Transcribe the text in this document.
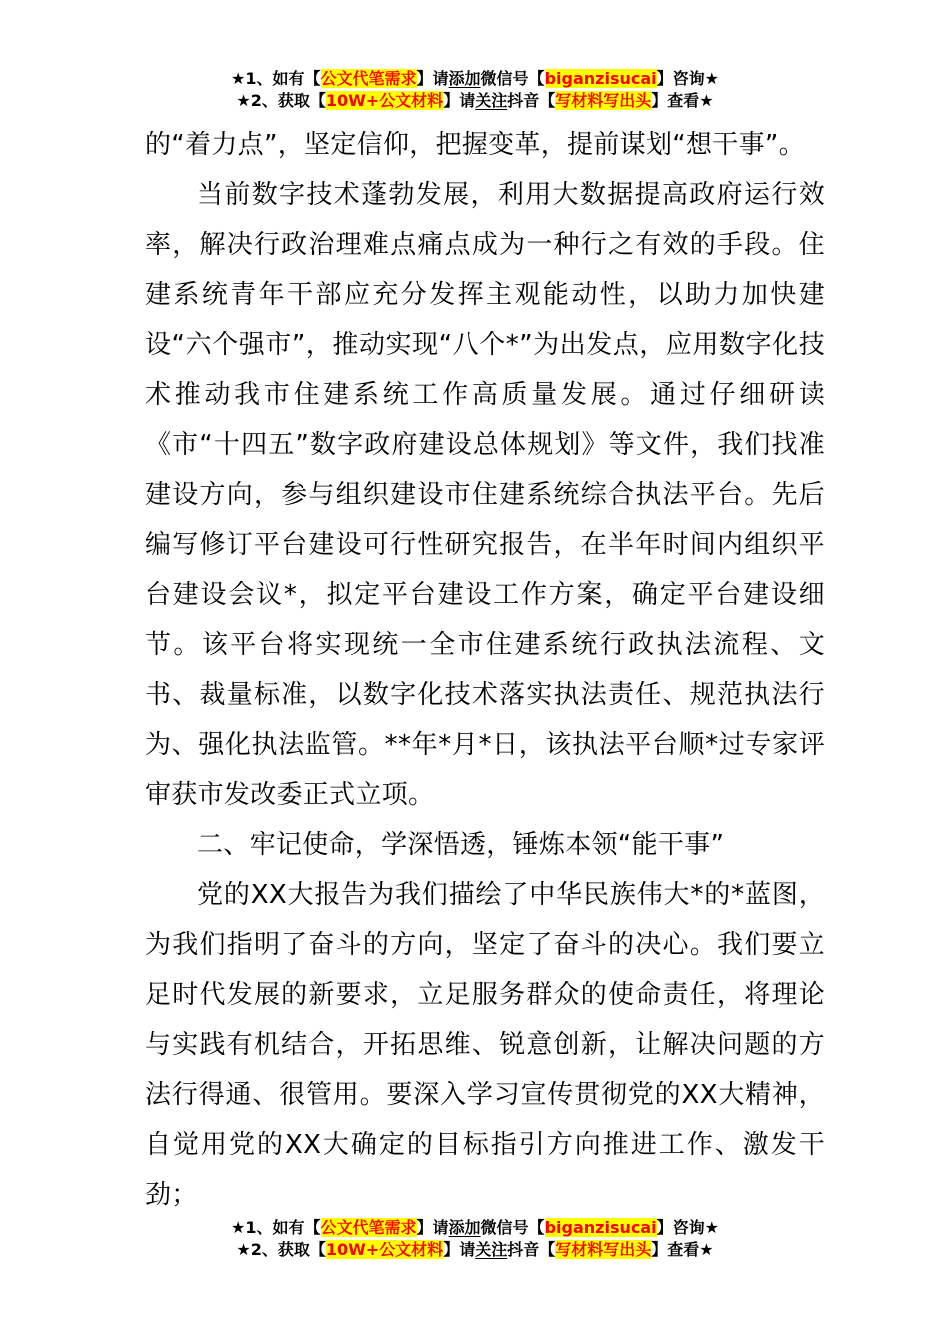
★1、如有【公文代笔需求】请添加微信号【biganzisucai】咨询★
★2、获取【10W+公文材料】请关注抖音【写材料写出头】查看★

的“着力点”，坚定信仰，把握变革，提前谋划“想干事”。

当前数字技术蓬勃发展，利用大数据提高政府运行效率，解决行政治理难点痛点成为一种行之有效的手段。住建系统青年干部应充分发挥主观能动性，以助力加快建设“六个强市”，推动实现“八个*”为出发点，应用数字化技术推动我市住建系统工作高质量发展。通过仔细研读《市“十四五”数字政府建设总体规划》等文件，我们找准建设方向，参与组织建设市住建系统综合执法平台。先后编写修订平台建设可行性研究报告，在半年时间内组织平台建设会议*，拟定平台建设工作方案，确定平台建设细节。该平台将实现统一全市住建系统行政执法流程、文书、裁量标准，以数字化技术落实执法责任、规范执法行为、强化执法监管。**年*月*日，该执法平台顺*过专家评审获市发改委正式立项。

二、牢记使命，学深悟透，锤炼本领“能干事”

党的XX大报告为我们描绘了中华民族伟大*的*蓝图，为我们指明了奋斗的方向，坚定了奋斗的决心。我们要立足时代发展的新要求，立足服务群众的使命责任，将理论与实践有机结合，开拓思维、锐意创新，让解决问题的方法行得通、很管用。要深入学习宣传贯彻党的XX大精神，自觉用党的XX大确定的目标指引方向推进工作、激发干劲；

★1、如有【公文代笔需求】请添加微信号【biganzisucai】咨询★
★2、获取【10W+公文材料】请关注抖音【写材料写出头】查看★
